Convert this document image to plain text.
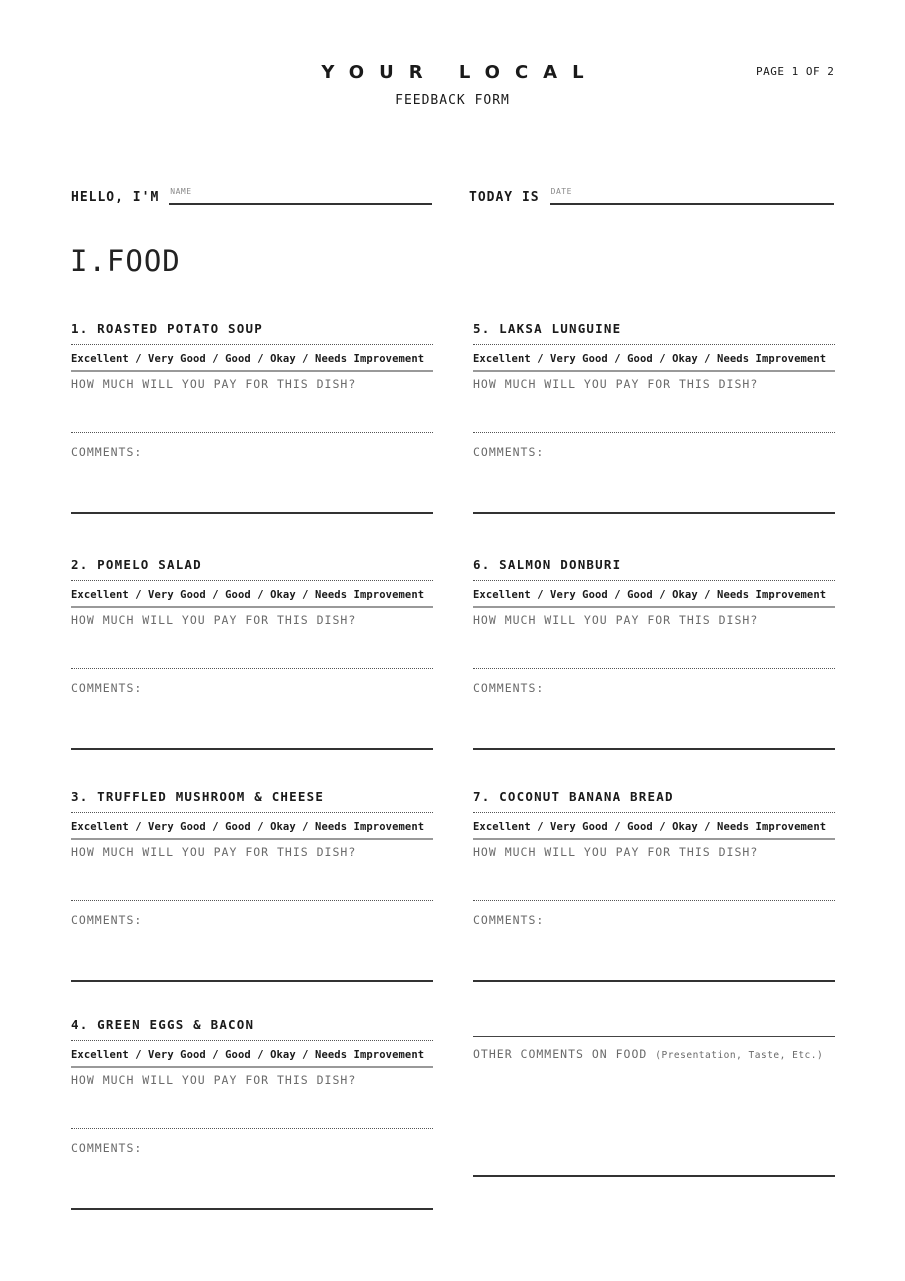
YOUR LOCAL
FEEDBACK FORM
PAGE 1 OF 2
HELLO, I'M NAME	TODAY IS DATE
I.FOOD
1. ROASTED POTATO SOUP
Excellent / Very Good / Good / Okay / Needs Improvement
HOW MUCH WILL YOU PAY FOR THIS DISH?
COMMENTS:
2. POMELO SALAD
Excellent / Very Good / Good / Okay / Needs Improvement
HOW MUCH WILL YOU PAY FOR THIS DISH?
COMMENTS:
3. TRUFFLED MUSHROOM & CHEESE
Excellent / Very Good / Good / Okay / Needs Improvement
HOW MUCH WILL YOU PAY FOR THIS DISH?
COMMENTS:
4. GREEN EGGS & BACON
Excellent / Very Good / Good / Okay / Needs Improvement
HOW MUCH WILL YOU PAY FOR THIS DISH?
COMMENTS:
5. LAKSA LUNGUINE
Excellent / Very Good / Good / Okay / Needs Improvement
HOW MUCH WILL YOU PAY FOR THIS DISH?
COMMENTS:
6. SALMON DONBURI
Excellent / Very Good / Good / Okay / Needs Improvement
HOW MUCH WILL YOU PAY FOR THIS DISH?
COMMENTS:
7. COCONUT BANANA BREAD
Excellent / Very Good / Good / Okay / Needs Improvement
HOW MUCH WILL YOU PAY FOR THIS DISH?
COMMENTS:
OTHER COMMENTS ON FOOD (Presentation, Taste, Etc.)
